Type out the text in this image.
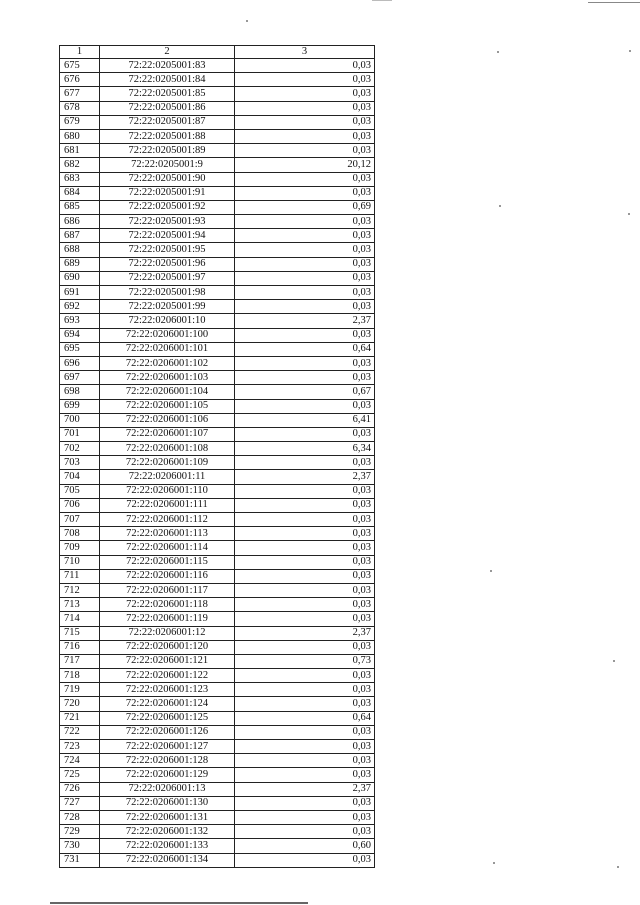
1	2	3
675	72:22:0205001:83	0,03
676	72:22:0205001:84	0,03
677	72:22:0205001:85	0,03
678	72:22:0205001:86	0,03
679	72:22:0205001:87	0,03
680	72:22:0205001:88	0,03
681	72:22:0205001:89	0,03
682	72:22:0205001:9	20,12
683	72:22:0205001:90	0,03
684	72:22:0205001:91	0,03
685	72:22:0205001:92	0,69
686	72:22:0205001:93	0,03
687	72:22:0205001:94	0,03
688	72:22:0205001:95	0,03
689	72:22:0205001:96	0,03
690	72:22:0205001:97	0,03
691	72:22:0205001:98	0,03
692	72:22:0205001:99	0,03
693	72:22:0206001:10	2,37
694	72:22:0206001:100	0,03
695	72:22:0206001:101	0,64
696	72:22:0206001:102	0,03
697	72:22:0206001:103	0,03
698	72:22:0206001:104	0,67
699	72:22:0206001:105	0,03
700	72:22:0206001:106	6,41
701	72:22:0206001:107	0,03
702	72:22:0206001:108	6,34
703	72:22:0206001:109	0,03
704	72:22:0206001:11	2,37
705	72:22:0206001:110	0,03
706	72:22:0206001:111	0,03
707	72:22:0206001:112	0,03
708	72:22:0206001:113	0,03
709	72:22:0206001:114	0,03
710	72:22:0206001:115	0,03
711	72:22:0206001:116	0,03
712	72:22:0206001:117	0,03
713	72:22:0206001:118	0,03
714	72:22:0206001:119	0,03
715	72:22:0206001:12	2,37
716	72:22:0206001:120	0,03
717	72:22:0206001:121	0,73
718	72:22:0206001:122	0,03
719	72:22:0206001:123	0,03
720	72:22:0206001:124	0,03
721	72:22:0206001:125	0,64
722	72:22:0206001:126	0,03
723	72:22:0206001:127	0,03
724	72:22:0206001:128	0,03
725	72:22:0206001:129	0,03
726	72:22:0206001:13	2,37
727	72:22:0206001:130	0,03
728	72:22:0206001:131	0,03
729	72:22:0206001:132	0,03
730	72:22:0206001:133	0,60
731	72:22:0206001:134	0,03
